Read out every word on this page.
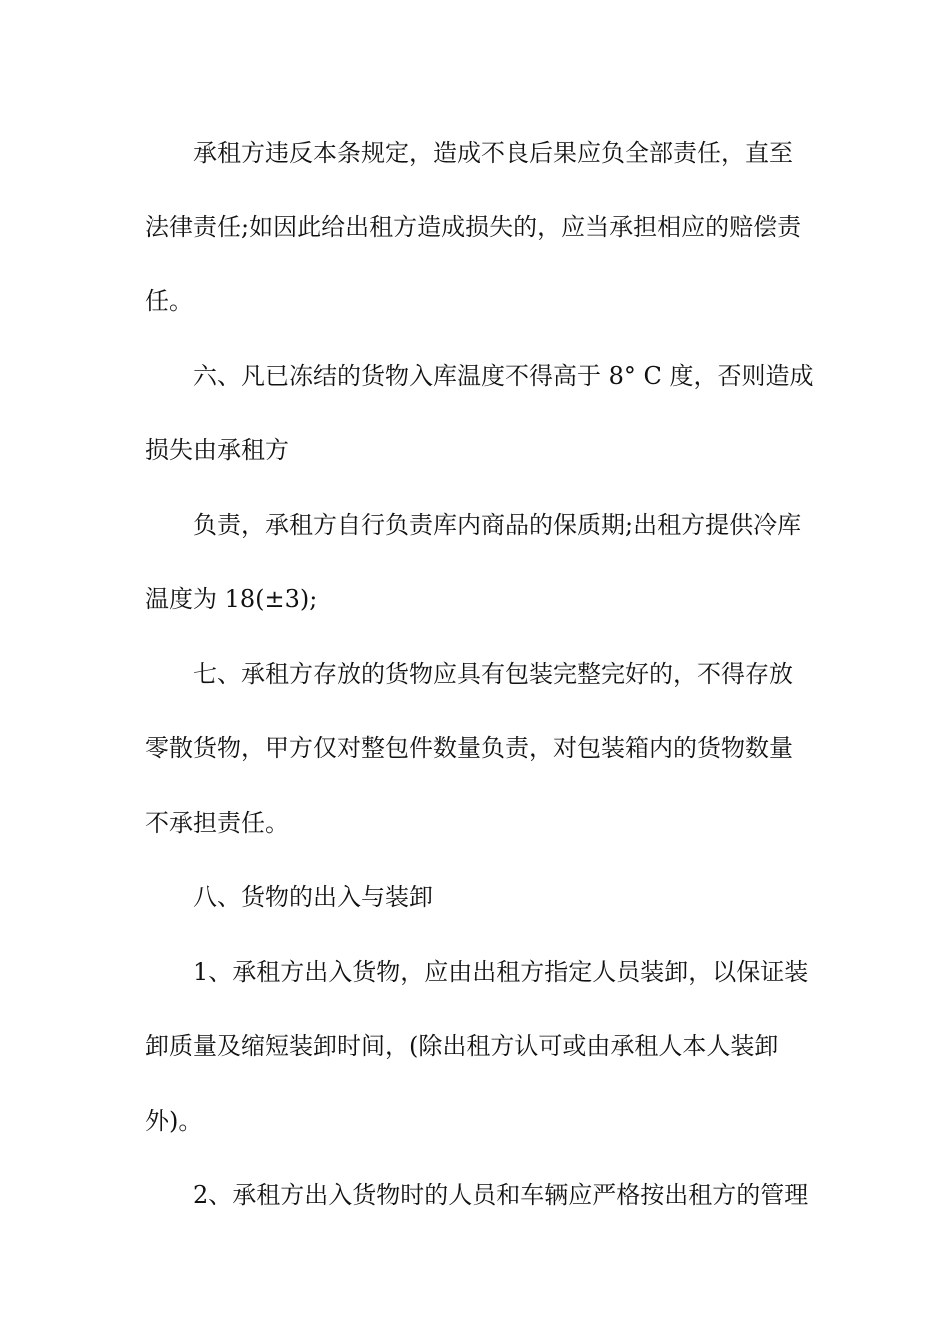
承租方违反本条规定，造成不良后果应负全部责任，直至
法律责任;如因此给出租方造成损失的，应当承担相应的赔偿责
任。
六、凡已冻结的货物入库温度不得高于 8° C 度，否则造成
损失由承租方
负责，承租方自行负责库内商品的保质期;出租方提供冷库
温度为 18(±3);
七、承租方存放的货物应具有包装完整完好的，不得存放
零散货物，甲方仅对整包件数量负责，对包装箱内的货物数量
不承担责任。
八、货物的出入与装卸
1、承租方出入货物，应由出租方指定人员装卸，以保证装
卸质量及缩短装卸时间，(除出租方认可或由承租人本人装卸
外)。
2、承租方出入货物时的人员和车辆应严格按出租方的管理
